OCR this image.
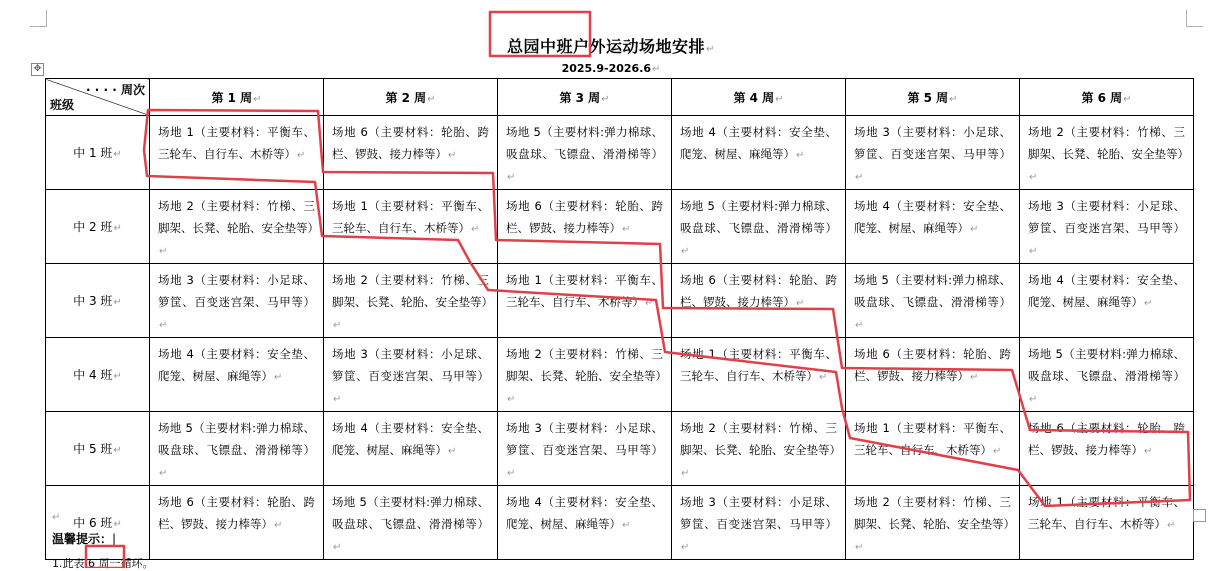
总园中班户外运动场地安排↵
2025.9-2026.6↵
✥
· · · · 周次
班级	第 1 周↵	第 2 周↵	第 3 周↵	第 4 周↵	第 5 周↵	第 6 周↵
中 1 班↵	场地 1（主要材料：平衡车、三轮车、自行车、木桥等）↵	场地 6（主要材料：轮胎、跨栏、锣鼓、接力棒等）↵	场地 5（主要材料:弹力棉球、吸盘球、飞镖盘、滑滑梯等）↵	场地 4（主要材料：安全垫、爬笼、树屋、麻绳等）↵	场地 3（主要材料：小足球、箩筐、百变迷宫架、马甲等）↵	场地 2（主要材料：竹梯、三脚架、长凳、轮胎、安全垫等）↵
中 2 班↵	场地 2（主要材料：竹梯、三脚架、长凳、轮胎、安全垫等）↵	场地 1（主要材料：平衡车、三轮车、自行车、木桥等）↵	场地 6（主要材料：轮胎、跨栏、锣鼓、接力棒等）↵	场地 5（主要材料:弹力棉球、吸盘球、飞镖盘、滑滑梯等）↵	场地 4（主要材料：安全垫、爬笼、树屋、麻绳等）↵	场地 3（主要材料：小足球、箩筐、百变迷宫架、马甲等）↵
中 3 班↵	场地 3（主要材料：小足球、箩筐、百变迷宫架、马甲等）↵	场地 2（主要材料：竹梯、三脚架、长凳、轮胎、安全垫等）↵	场地 1（主要材料：平衡车、三轮车、自行车、木桥等）↵	场地 6（主要材料：轮胎、跨栏、锣鼓、接力棒等）↵	场地 5（主要材料:弹力棉球、吸盘球、飞镖盘、滑滑梯等）↵	场地 4（主要材料：安全垫、爬笼、树屋、麻绳等）↵
中 4 班↵	场地 4（主要材料：安全垫、爬笼、树屋、麻绳等）↵	场地 3（主要材料：小足球、箩筐、百变迷宫架、马甲等）↵	场地 2（主要材料：竹梯、三脚架、长凳、轮胎、安全垫等）↵	场地 1（主要材料：平衡车、三轮车、自行车、木桥等）↵	场地 6（主要材料：轮胎、跨栏、锣鼓、接力棒等）↵	场地 5（主要材料:弹力棉球、吸盘球、飞镖盘、滑滑梯等）↵
中 5 班↵	场地 5（主要材料:弹力棉球、吸盘球、飞镖盘、滑滑梯等）↵	场地 4（主要材料：安全垫、爬笼、树屋、麻绳等）↵	场地 3（主要材料：小足球、箩筐、百变迷宫架、马甲等）↵	场地 2（主要材料：竹梯、三脚架、长凳、轮胎、安全垫等）↵	场地 1（主要材料：平衡车、三轮车、自行车、木桥等）↵	场地 6（主要材料：轮胎、跨栏、锣鼓、接力棒等）↵
中 6 班↵	场地 6（主要材料：轮胎、跨栏、锣鼓、接力棒等）↵	场地 5（主要材料:弹力棉球、吸盘球、飞镖盘、滑滑梯等）↵	场地 4（主要材料：安全垫、爬笼、树屋、麻绳等）↵	场地 3（主要材料：小足球、箩筐、百变迷宫架、马甲等）↵	场地 2（主要材料：竹梯、三脚架、长凳、轮胎、安全垫等）↵	场地 1（主要材料：平衡车、三轮车、自行车、木桥等）↵
↵
温馨提示：|
1.此表 6 周一循环。
